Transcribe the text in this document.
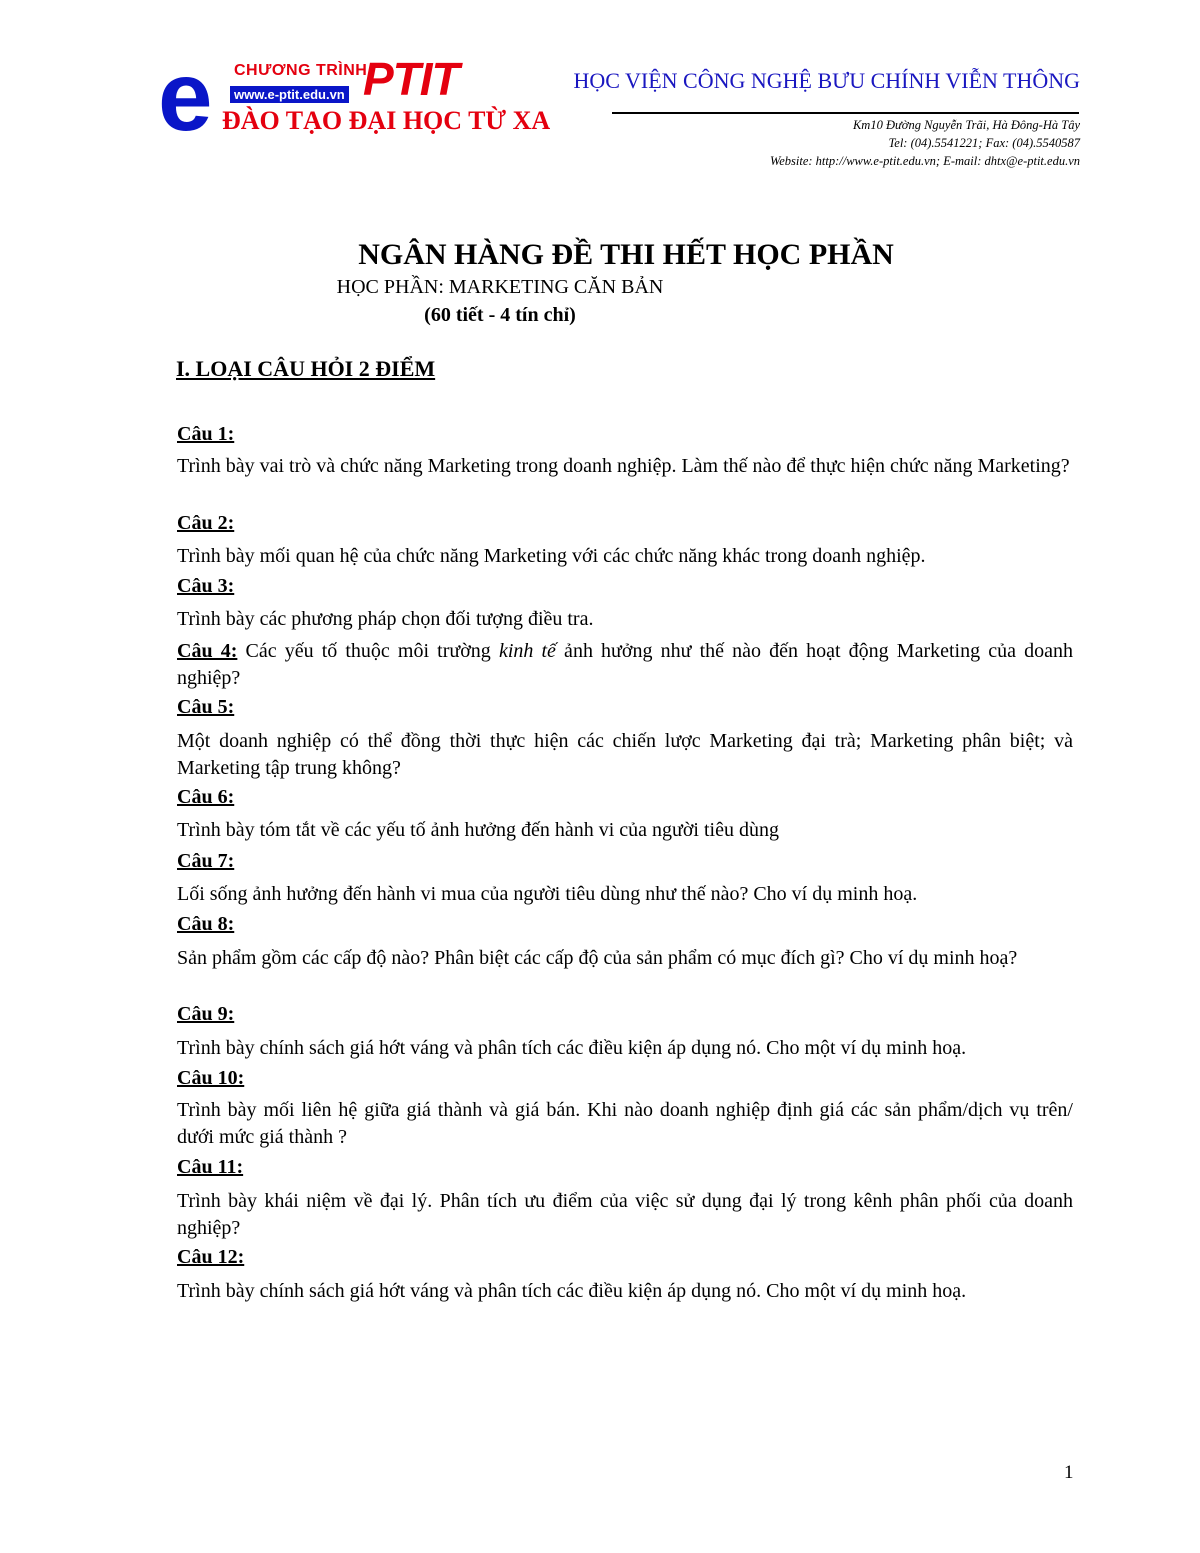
e CHƯƠNG TRÌNH
www.e-ptit.edu.vn PTIT
ĐÀO TẠO ĐẠI HỌC TỪ XA
HỌC VIỆN CÔNG NGHỆ BƯU CHÍNH VIỄN THÔNG
Km10 Đường Nguyễn Trãi, Hà Đông-Hà Tây
Tel: (04).5541221; Fax: (04).5540587
Website: http://www.e-ptit.edu.vn; E-mail: dhtx@e-ptit.edu.vn
NGÂN HÀNG ĐỀ THI HẾT HỌC PHẦN
HỌC PHẦN: MARKETING CĂN BẢN
(60 tiết - 4 tín chỉ)
I. LOẠI CÂU HỎI 2 ĐIỂM
Câu 1:
Trình bày vai trò và chức năng Marketing trong doanh nghiệp. Làm thế nào để thực hiện chức năng Marketing?
Câu 2:
Trình bày mối quan hệ của chức năng Marketing với các chức năng khác trong doanh nghiệp.
Câu 3:
Trình bày các phương pháp chọn đối tượng điều tra.
Câu 4: Các yếu tố thuộc môi trường kinh tế ảnh hưởng như thế nào đến hoạt động Marketing của doanh nghiệp?
Câu 5:
Một doanh nghiệp có thể đồng thời thực hiện các chiến lược Marketing đại trà; Marketing phân biệt; và Marketing tập trung không?
Câu 6:
Trình bày tóm tắt về các yếu tố ảnh hưởng đến hành vi của người tiêu dùng
Câu 7:
Lối sống ảnh hưởng đến hành vi mua của người tiêu dùng như thế nào? Cho ví dụ minh hoạ.
Câu 8:
Sản phẩm gồm các cấp độ nào? Phân biệt các cấp độ của sản phẩm có mục đích gì? Cho ví dụ minh hoạ?
Câu 9:
Trình bày chính sách giá hớt váng và phân tích các điều kiện áp dụng nó. Cho một ví dụ minh hoạ.
Câu 10:
Trình bày mối liên hệ giữa giá thành và giá bán. Khi nào doanh nghiệp định giá các sản phẩm/dịch vụ trên/ dưới mức giá thành ?
Câu 11:
Trình bày khái niệm về đại lý. Phân tích ưu điểm của việc sử dụng đại lý trong kênh phân phối của doanh nghiệp?
Câu 12:
Trình bày chính sách giá hớt váng và phân tích các điều kiện áp dụng nó. Cho một ví dụ minh hoạ.
1
